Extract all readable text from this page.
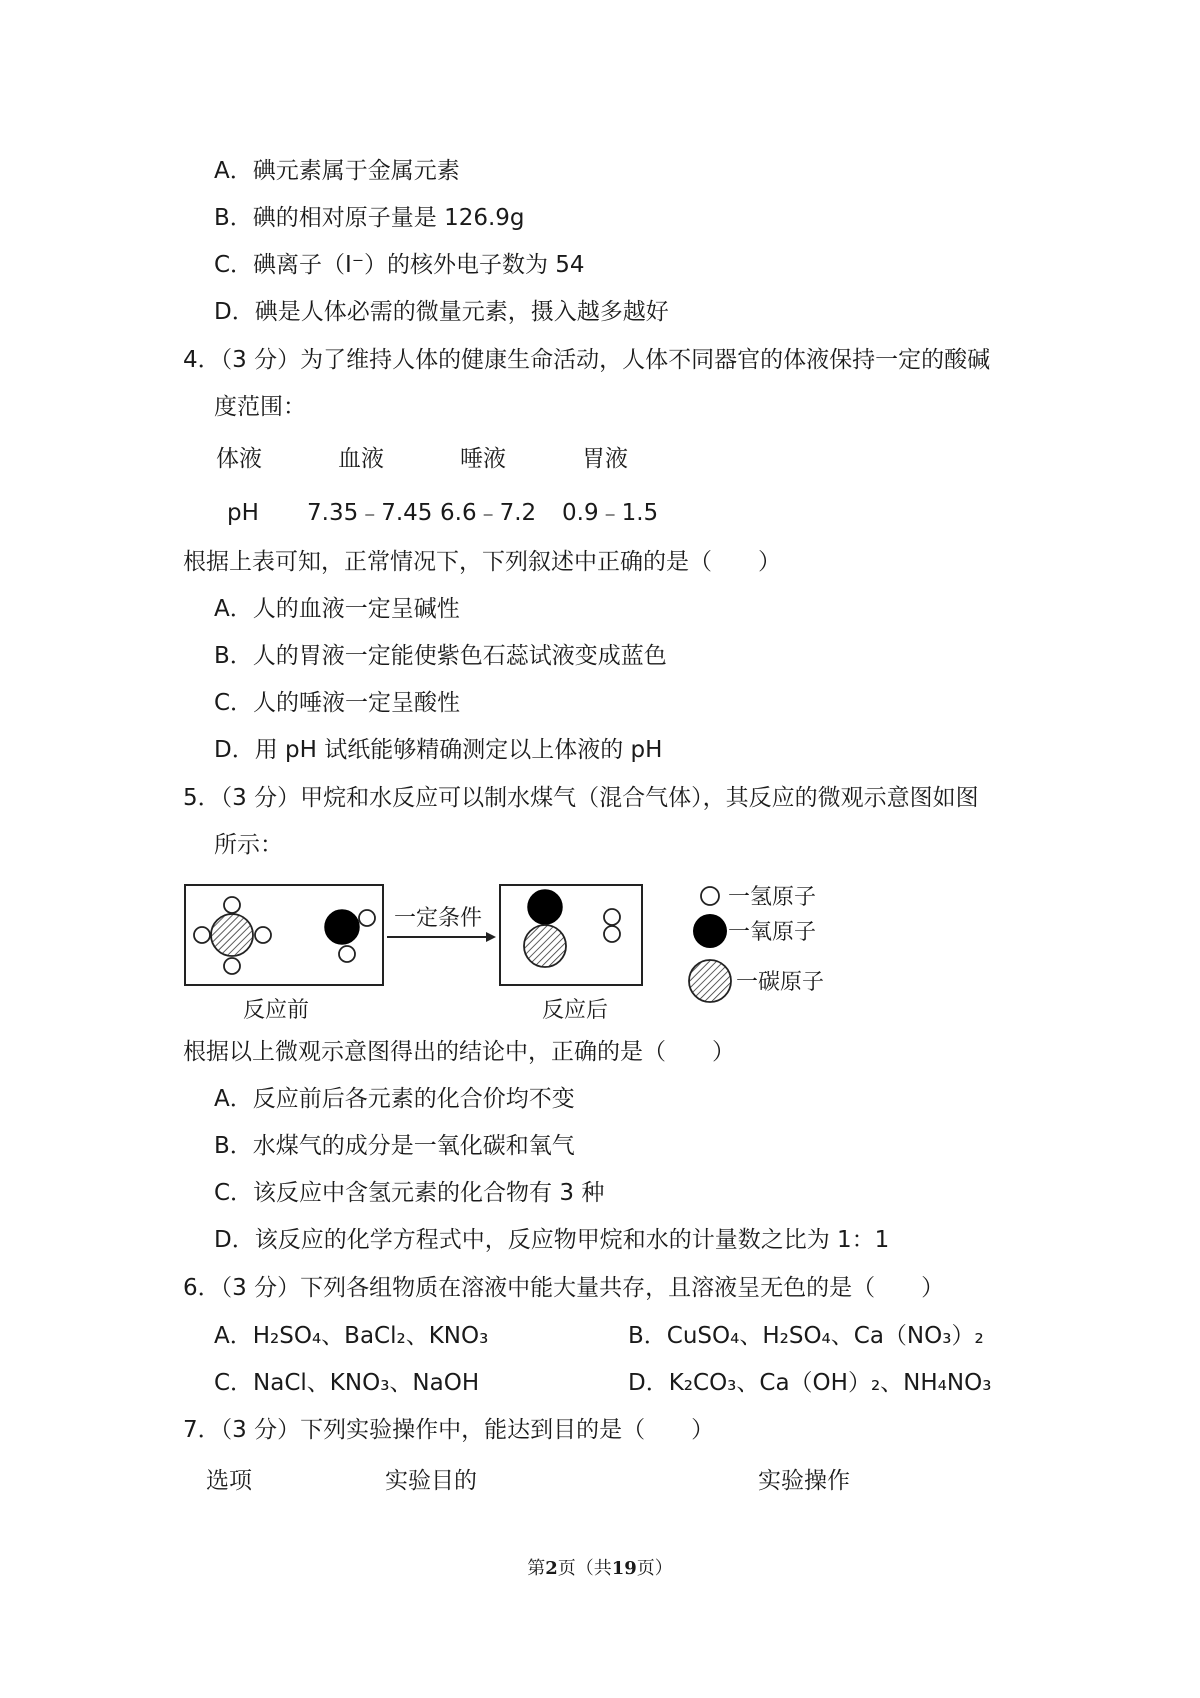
A．碘元素属于金属元素
B．碘的相对原子量是 126.9g
C．碘离子（I⁻）的核外电子数为 54
D．碘是人体必需的微量元素，摄入越多越好
4．（3 分）为了维持人体的健康生命活动，人体不同器官的体液保持一定的酸碱
度范围：
体液	血液	唾液	胃液
pH 7.35﹣7.45 6.6﹣7.2 0.9﹣1.5
根据上表可知，正常情况下，下列叙述中正确的是（　　）
A．人的血液一定呈碱性
B．人的胃液一定能使紫色石蕊试液变成蓝色
C．人的唾液一定呈酸性
D．用 pH 试纸能够精确测定以上体液的 pH
5．（3 分）甲烷和水反应可以制水煤气（混合气体），其反应的微观示意图如图
所示：
一定条件
一氢原子
一氧原子
一碳原子
反应前	反应后
根据以上微观示意图得出的结论中，正确的是（　　）
A．反应前后各元素的化合价均不变
B．水煤气的成分是一氧化碳和氧气
C．该反应中含氢元素的化合物有 3 种
D．该反应的化学方程式中，反应物甲烷和水的计量数之比为 1：1
6．（3 分）下列各组物质在溶液中能大量共存，且溶液呈无色的是（　　）
A．H₂SO₄、BaCl₂、KNO₃	B．CuSO₄、H₂SO₄、Ca（NO₃）₂
C．NaCl、KNO₃、NaOH	D．K₂CO₃、Ca（OH）₂、NH₄NO₃
7．（3 分）下列实验操作中，能达到目的是（　　）
选项	实验目的	实验操作
第2页（共19页）
